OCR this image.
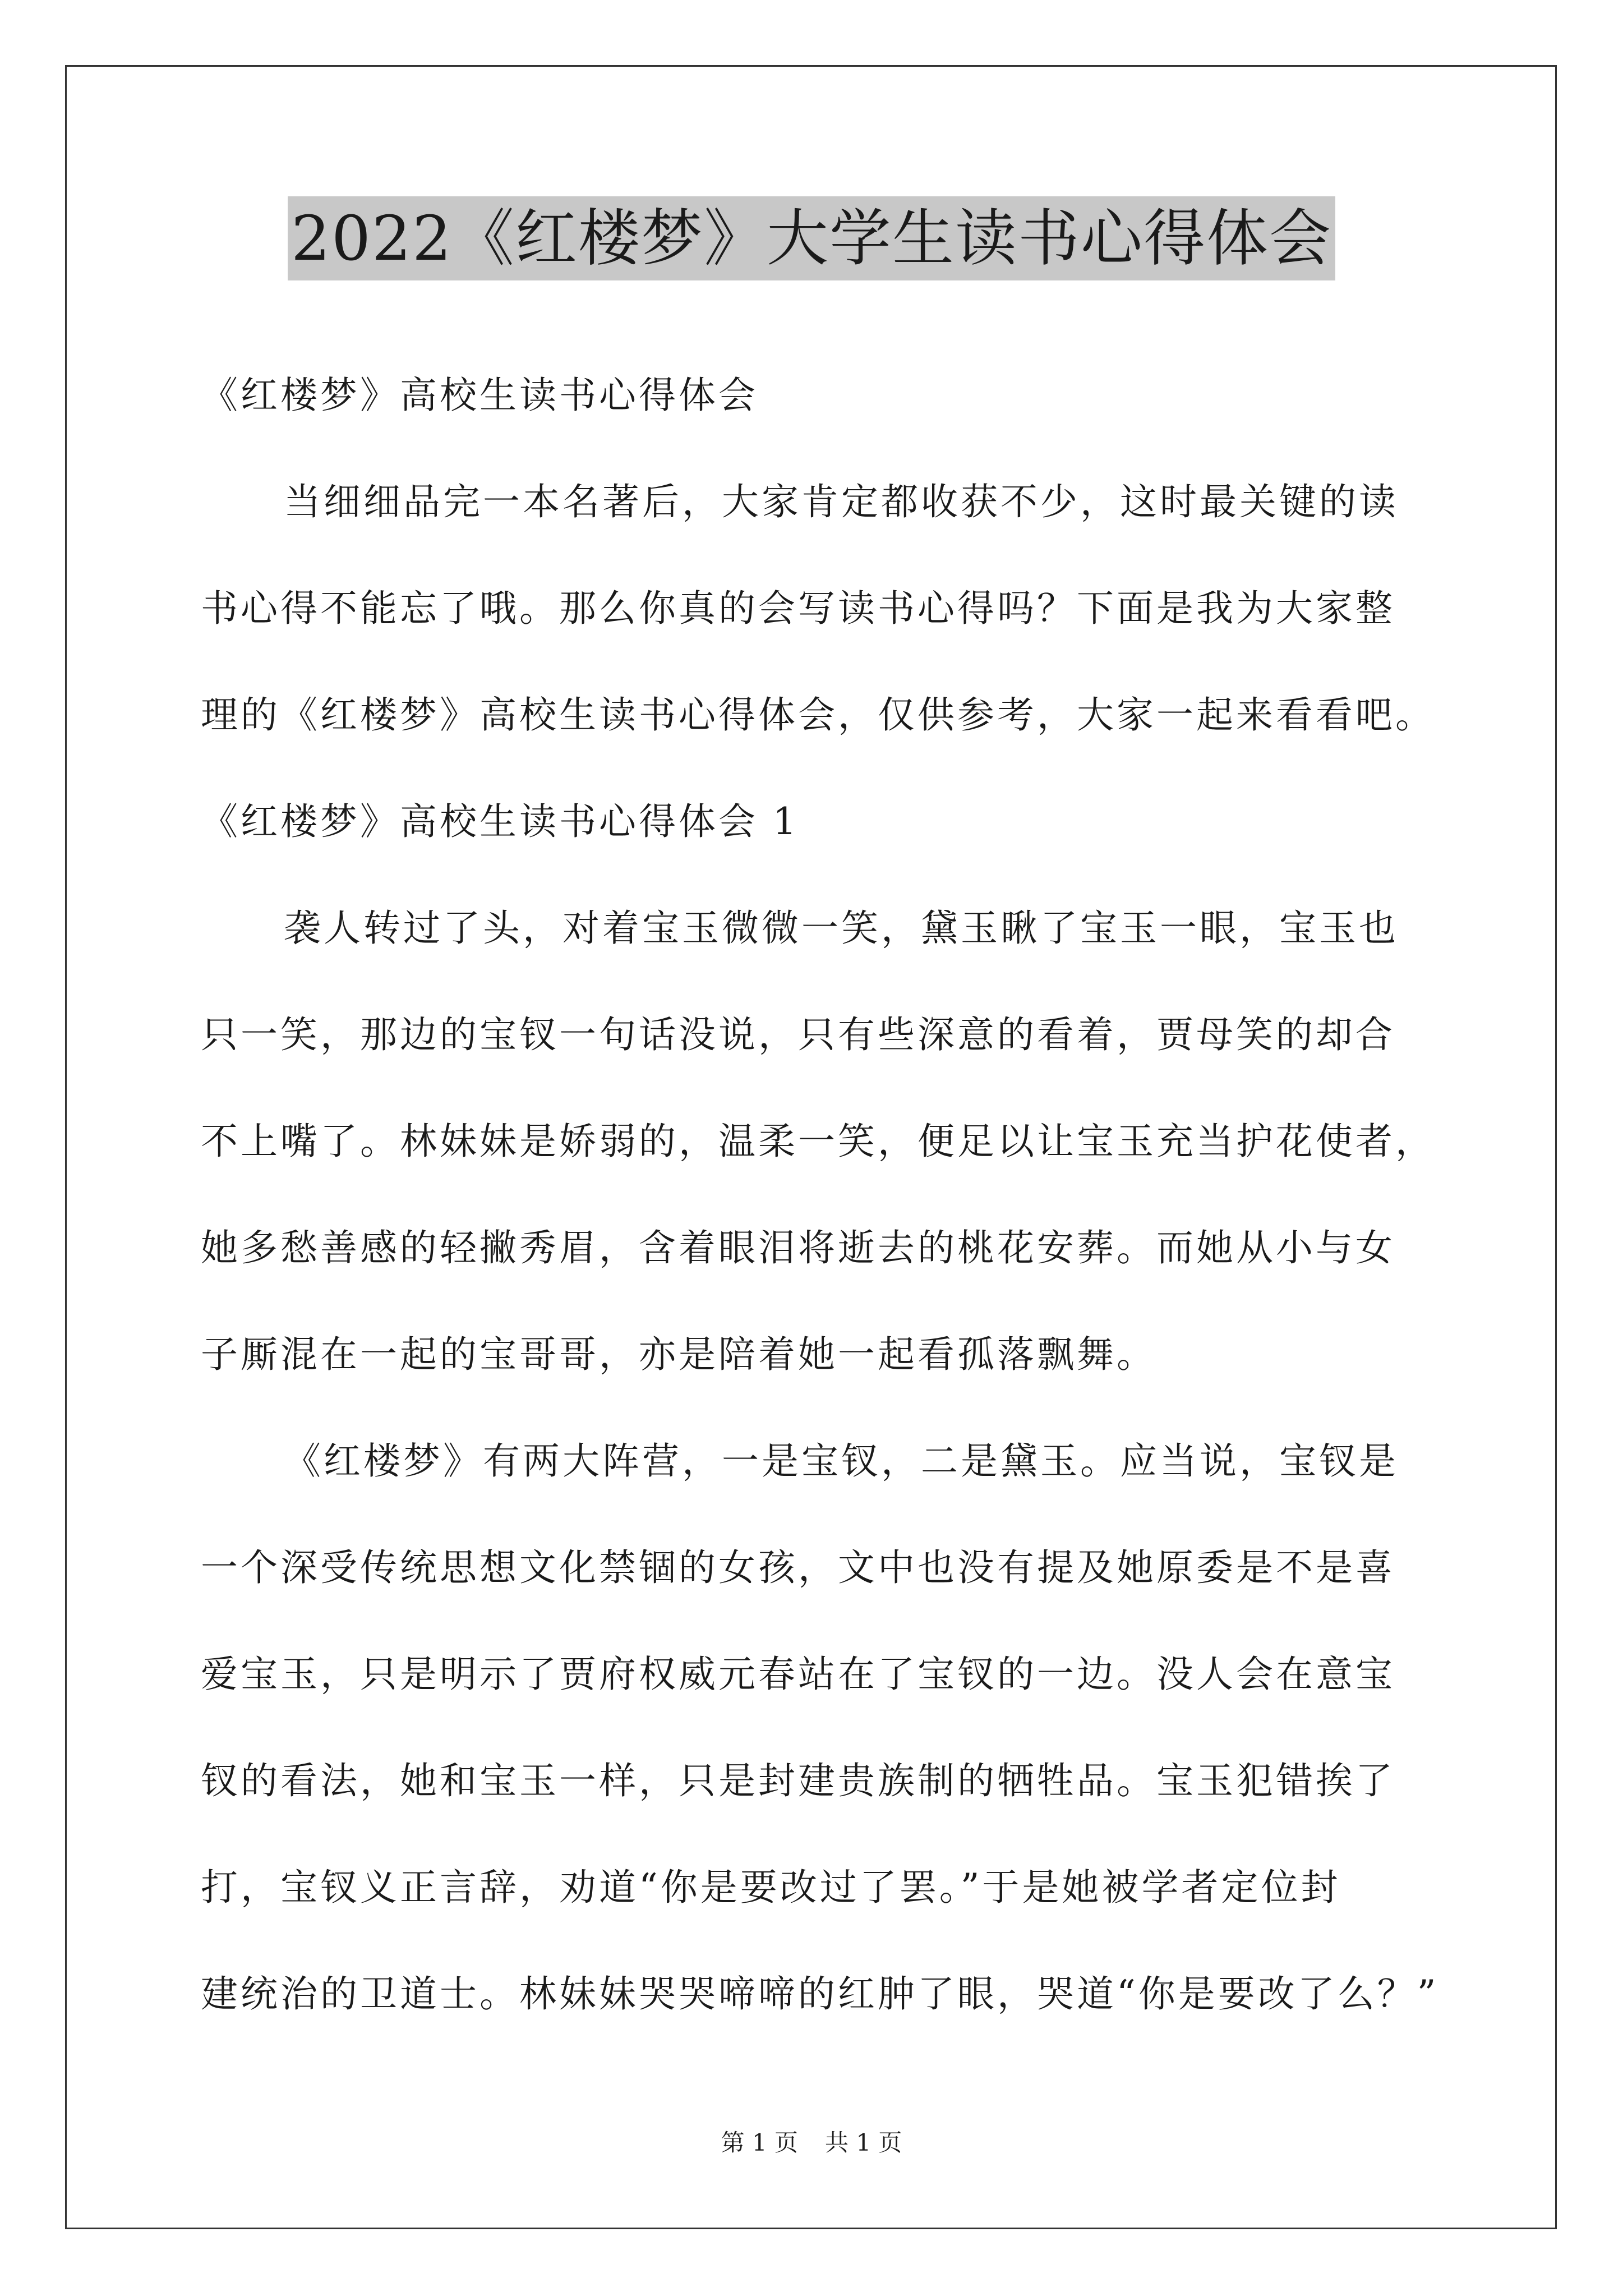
2022《红楼梦》大学生读书心得体会
《红楼梦》高校生读书心得体会
当细细品完一本名著后，大家肯定都收获不少，这时最关键的读
书心得不能忘了哦。那么你真的会写读书心得吗？下面是我为大家整
理的《红楼梦》高校生读书心得体会，仅供参考，大家一起来看看吧。
《红楼梦》高校生读书心得体会 1
袭人转过了头，对着宝玉微微一笑，黛玉瞅了宝玉一眼，宝玉也
只一笑，那边的宝钗一句话没说，只有些深意的看着，贾母笑的却合
不上嘴了。林妹妹是娇弱的，温柔一笑，便足以让宝玉充当护花使者，
她多愁善感的轻撇秀眉，含着眼泪将逝去的桃花安葬。而她从小与女
子厮混在一起的宝哥哥，亦是陪着她一起看孤落飘舞。
《红楼梦》有两大阵营，一是宝钗，二是黛玉。应当说，宝钗是
一个深受传统思想文化禁锢的女孩，文中也没有提及她原委是不是喜
爱宝玉，只是明示了贾府权威元春站在了宝钗的一边。没人会在意宝
钗的看法，她和宝玉一样，只是封建贵族制的牺牲品。宝玉犯错挨了
打，宝钗义正言辞，劝道“你是要改过了罢。”于是她被学者定位封
建统治的卫道士。林妹妹哭哭啼啼的红肿了眼，哭道“你是要改了么？”
第 1 页 共 1 页
